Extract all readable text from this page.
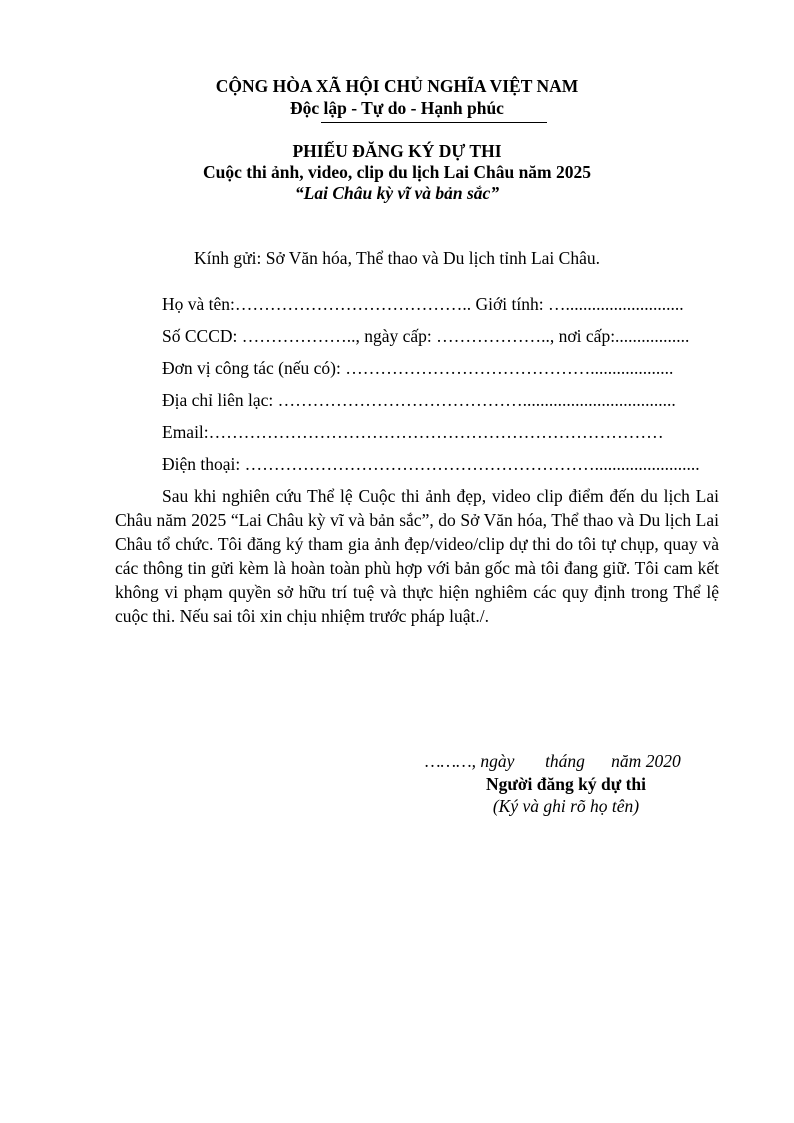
CỘNG HÒA XÃ HỘI CHỦ NGHĨA VIỆT NAM
Độc lập - Tự do - Hạnh phúc
PHIẾU ĐĂNG KÝ DỰ THI
Cuộc thi ảnh, video, clip du lịch Lai Châu năm 2025
“Lai Châu kỳ vĩ và bản sắc”
Kính gửi: Sở Văn hóa, Thể thao và Du lịch tỉnh Lai Châu.

Họ và tên:………………………………….. Giới tính: …...........................

Số CCCD: ……………….., ngày cấp: ……………….., nơi cấp:.................

Đơn vị công tác (nếu có): ……………………………………...................

Địa chỉ liên lạc: ……………………………………...................................

Email:……………………………………………………………………

Điện thoại: ……………………………………………………........................

Sau khi nghiên cứu Thể lệ Cuộc thi ảnh đẹp, video clip điểm đến du lịch Lai Châu năm 2025 “Lai Châu kỳ vĩ và bản sắc”, do Sở Văn hóa, Thể thao và Du lịch Lai Châu tổ chức. Tôi đăng ký tham gia ảnh đẹp/video/clip dự thi do tôi tự chụp, quay và các thông tin gửi kèm là hoàn toàn phù hợp với bản gốc mà tôi đang giữ. Tôi cam kết không vi phạm quyền sở hữu trí tuệ và thực hiện nghiêm các quy định trong Thể lệ cuộc thi. Nếu sai tôi xin chịu nhiệm trước pháp luật./.

………, ngày       tháng      năm 2020
Người đăng ký dự thi
(Ký và ghi rõ họ tên)
